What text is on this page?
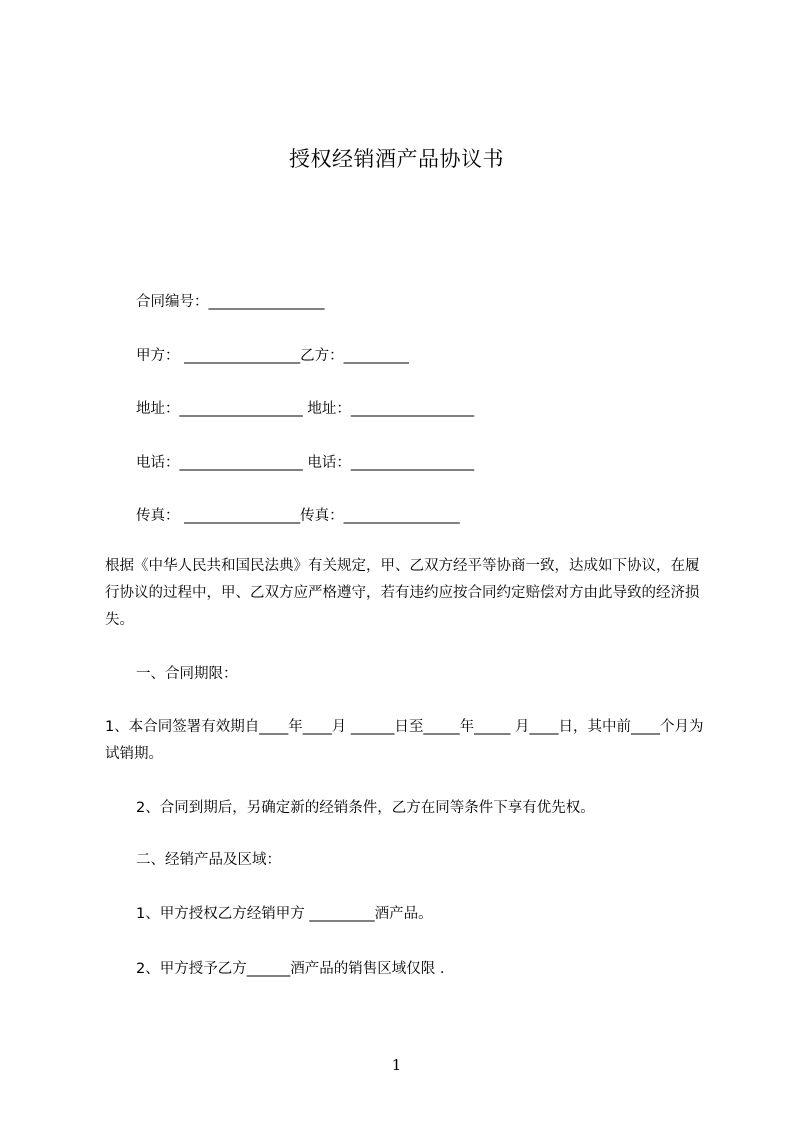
授权经销酒产品协议书
合同编号：________________
甲方： ________________乙方：_________
地址：_________________ 地址：_________________
电话：_________________ 电话：_________________
传真： ________________传真：________________
根据《中华人民共和国民法典》有关规定，甲、乙双方经平等协商一致，达成如下协议，在履行协议的过程中，甲、乙双方应严格遵守，若有违约应按合同约定赔偿对方由此导致的经济损失。
一、合同期限：
1、本合同签署有效期自____年____月 ______日至_____年_____ 月____日，其中前____个月为试销期。
2、合同到期后，另确定新的经销条件，乙方在同等条件下享有优先权。
二、经销产品及区域：
1、甲方授权乙方经销甲方 _________酒产品。
2、甲方授予乙方______酒产品的销售区域仅限 .
1
